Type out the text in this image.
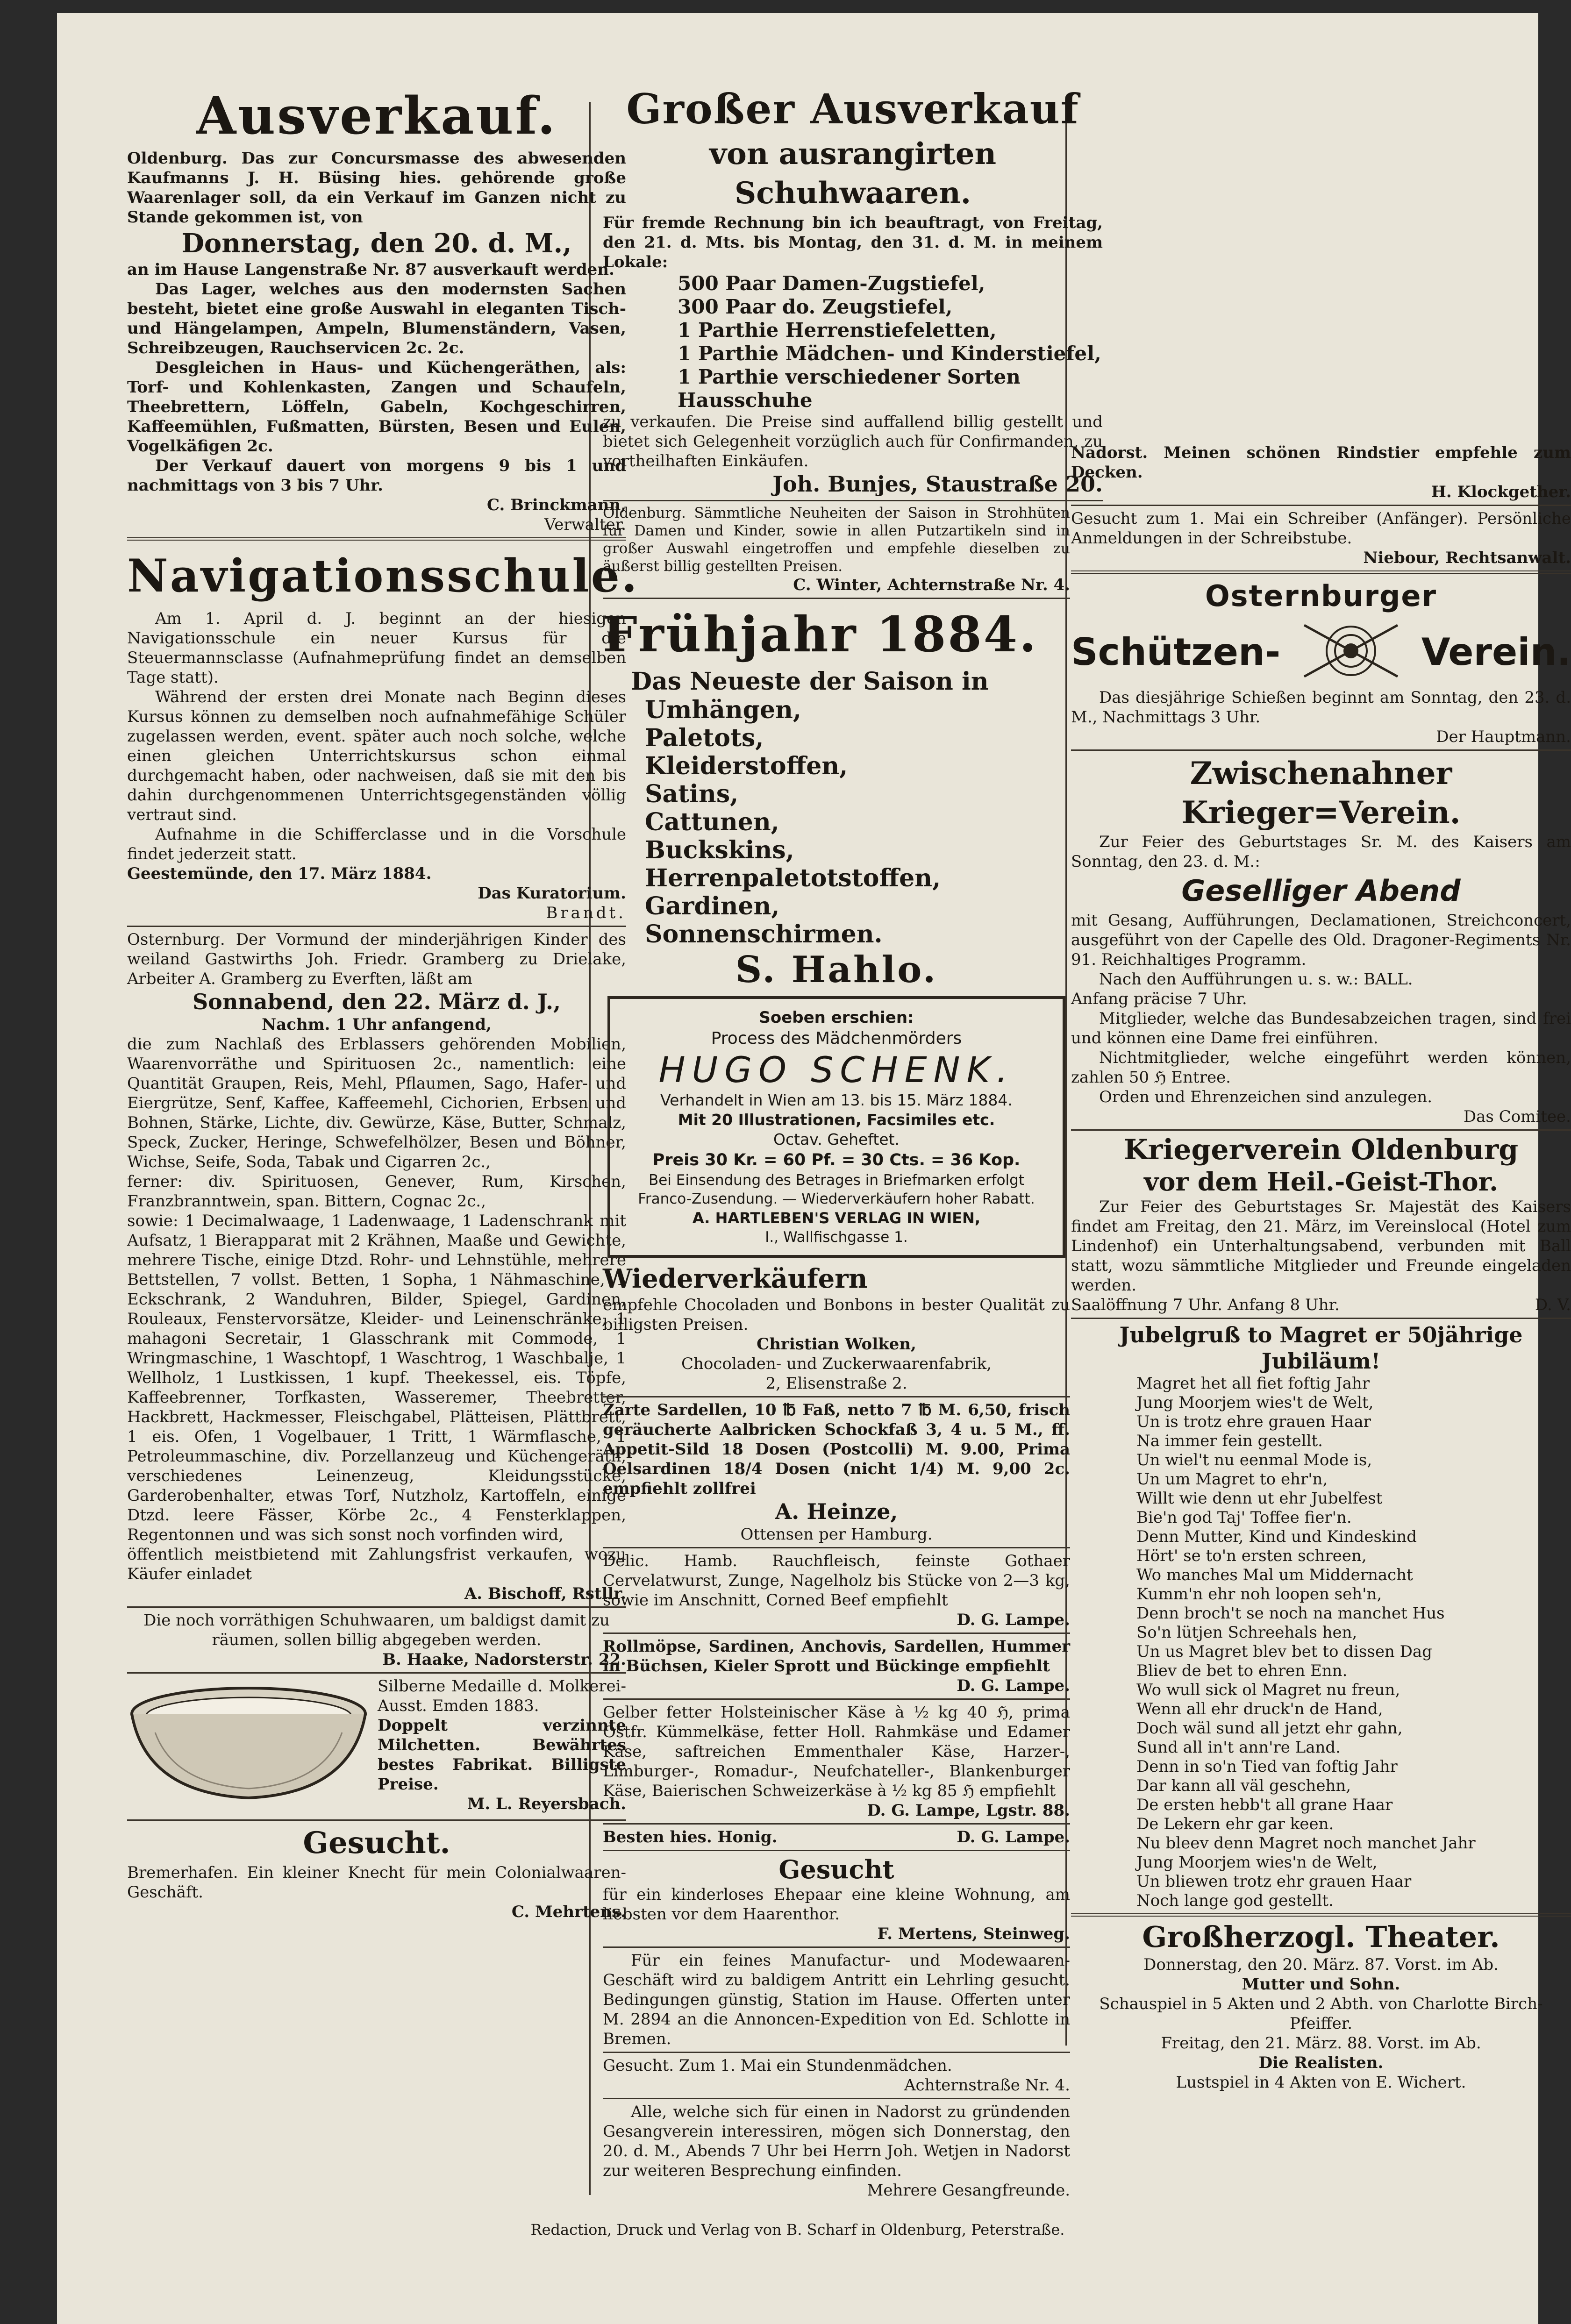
Ausverkauf.

Oldenburg. Das zur Concursmasse des abwesenden Kaufmanns J. H. Büsing hies. gehörende große Waarenlager soll, da ein Verkauf im Ganzen nicht zu Stande gekommen ist, von

Donnerstag, den 20. d. M.,

an im Hause Langenstraße Nr. 87 ausverkauft werden.

Das Lager, welches aus den modernsten Sachen besteht, bietet eine große Auswahl in eleganten Tisch- und Hängelampen, Ampeln, Blumenständern, Vasen, Schreibzeugen, Rauchservicen 2c. 2c.

Desgleichen in Haus- und Küchengeräthen, als: Torf- und Kohlenkasten, Zangen und Schaufeln, Theebrettern, Löffeln, Gabeln, Kochgeschirren, Kaffeemühlen, Fußmatten, Bürsten, Besen und Eulen, Vogelkäfigen 2c.

Der Verkauf dauert von morgens 9 bis 1 und nachmittags von 3 bis 7 Uhr.

C. Brinckmann,

Verwalter.

Navigationsschule.

Am 1. April d. J. beginnt an der hiesigen Navigationsschule ein neuer Kursus für die Steuermannsclasse (Aufnahmeprüfung findet an demselben Tage statt).

Während der ersten drei Monate nach Beginn dieses Kursus können zu demselben noch aufnahmefähige Schüler zugelassen werden, event. später auch noch solche, welche einen gleichen Unterrichtskursus schon einmal durchgemacht haben, oder nachweisen, daß sie mit den bis dahin durchgenommenen Unterrichtsgegenständen völlig vertraut sind.

Aufnahme in die Schifferclasse und in die Vorschule findet jederzeit statt.

Geestemünde, den 17. März 1884.

Das Kuratorium.

Brandt.

Osternburg. Der Vormund der minderjährigen Kinder des weiland Gastwirths Joh. Friedr. Gramberg zu Drielake, Arbeiter A. Gramberg zu Everften, läßt am

Sonnabend, den 22. März d. J.,

Nachm. 1 Uhr anfangend,

die zum Nachlaß des Erblassers gehörenden Mobilien, Waarenvorräthe und Spirituosen 2c., namentlich: eine Quantität Graupen, Reis, Mehl, Pflaumen, Sago, Hafer- und Eiergrütze, Senf, Kaffee, Kaffeemehl, Cichorien, Erbsen und Bohnen, Stärke, Lichte, div. Gewürze, Käse, Butter, Schmalz, Speck, Zucker, Heringe, Schwefelhölzer, Besen und Böhner, Wichse, Seife, Soda, Tabak und Cigarren 2c.,

ferner: div. Spirituosen, Genever, Rum, Kirschen, Franzbranntwein, span. Bittern, Cognac 2c.,

sowie: 1 Decimalwaage, 1 Ladenwaage, 1 Ladenschrank mit Aufsatz, 1 Bierapparat mit 2 Krähnen, Maaße und Gewichte, mehrere Tische, einige Dtzd. Rohr- und Lehnstühle, mehrere Bettstellen, 7 vollst. Betten, 1 Sopha, 1 Nähmaschine, 1 Eckschrank, 2 Wanduhren, Bilder, Spiegel, Gardinen, Rouleaux, Fenstervorsätze, Kleider- und Leinenschränke, 1 mahagoni Secretair, 1 Glasschrank mit Commode, 1 Wringmaschine, 1 Waschtopf, 1 Waschtrog, 1 Waschbalje, 1 Wellholz, 1 Lustkissen, 1 kupf. Theekessel, eis. Töpfe, Kaffeebrenner, Torfkasten, Wasseremer, Theebretter, Hackbrett, Hackmesser, Fleischgabel, Plätteisen, Plättbrett, 1 eis. Ofen, 1 Vogelbauer, 1 Tritt, 1 Wärmflasche, 1 Petroleummaschine, div. Porzellanzeug und Küchengeräth, verschiedenes Leinenzeug, Kleidungsstücke, Garderobenhalter, etwas Torf, Nutzholz, Kartoffeln, einige Dtzd. leere Fässer, Körbe 2c., 4 Fensterklappen, Regentonnen und was sich sonst noch vorfinden wird,

öffentlich meistbietend mit Zahlungsfrist verkaufen, wozu Käufer einladet

A. Bischoff, Rstllr.

Die noch vorräthigen Schuhwaaren, um baldigst damit zu räumen, sollen billig abgegeben werden.

B. Haake, Nadorsterstr. 22.

Silberne Medaille d. Molkerei-Ausst. Emden 1883.

Doppelt verzinnte Milchetten. Bewährtes bestes Fabrikat. Billigste Preise.

M. L. Reyersbach.

Gesucht.

Bremerhafen. Ein kleiner Knecht für mein Colonialwaaren-Geschäft.

C. Mehrtens.

Großer Ausverkauf

von ausrangirten Schuhwaaren.

Für fremde Rechnung bin ich beauftragt, von Freitag, den 21. d. Mts. bis Montag, den 31. d. M. in meinem Lokale:

500 Paar Damen-Zugstiefel,

300 Paar do. Zeugstiefel,

1 Parthie Herrenstiefeletten,

1 Parthie Mädchen- und Kinderstiefel,

1 Parthie verschiedener Sorten Hausschuhe

zu verkaufen. Die Preise sind auffallend billig gestellt und bietet sich Gelegenheit vorzüglich auch für Confirmanden, zu vortheilhaften Einkäufen.

Joh. Bunjes, Staustraße 20.

Oldenburg. Sämmtliche Neuheiten der Saison in Strohhüten für Damen und Kinder, sowie in allen Putzartikeln sind in großer Auswahl eingetroffen und empfehle dieselben zu äußerst billig gestellten Preisen.

C. Winter, Achternstraße Nr. 4.

Frühjahr 1884.

Das Neueste der Saison in

Umhängen,

Paletots,

Kleiderstoffen,

Satins,

Cattunen,

Buckskins,

Herrenpaletotstoffen,

Gardinen,

Sonnenschirmen.

S. Hahlo.

Soeben erschien:

Process des Mädchenmörders

HUGO SCHENK.

Verhandelt in Wien am 13. bis 15. März 1884.

Mit 20 Illustrationen, Facsimiles etc.

Octav. Geheftet.

Preis 30 Kr. = 60 Pf. = 30 Cts. = 36 Kop.

Bei Einsendung des Betrages in Briefmarken erfolgt Franco-Zusendung. — Wiederverkäufern hoher Rabatt.

A. HARTLEBEN'S VERLAG IN WIEN,

I., Wallfischgasse 1.

Wiederverkäufern

empfehle Chocoladen und Bonbons in bester Qualität zu billigsten Preisen.

Christian Wolken,

Chocoladen- und Zuckerwaarenfabrik,

2, Elisenstraße 2.

Zarte Sardellen, 10 ℔ Faß, netto 7 ℔ M. 6,50, frisch geräucherte Aalbricken Schockfaß 3, 4 u. 5 M., ff. Appetit-Sild 18 Dosen (Postcolli) M. 9.00, Prima Oelsardinen 18/4 Dosen (nicht 1/4) M. 9,00 2c. empfiehlt zollfrei

A. Heinze,

Ottensen per Hamburg.

Delic. Hamb. Rauchfleisch, feinste Gothaer Cervelatwurst, Zunge, Nagelholz bis Stücke von 2—3 kg, sowie im Anschnitt, Corned Beef empfiehlt

D. G. Lampe.

Rollmöpse, Sardinen, Anchovis, Sardellen, Hummer in Büchsen, Kieler Sprott und Bückinge empfiehlt

D. G. Lampe.

Gelber fetter Holsteinischer Käse à ½ kg 40 ℌ, prima Ostfr. Kümmelkäse, fetter Holl. Rahmkäse und Edamer Käse, saftreichen Emmenthaler Käse, Harzer-, Limburger-, Romadur-, Neufchateller-, Blankenburger Käse, Baierischen Schweizerkäse à ½ kg 85 ℌ empfiehlt

D. G. Lampe, Lgstr. 88.

Besten hies. Honig.	D. G. Lampe.

Gesucht

für ein kinderloses Ehepaar eine kleine Wohnung, am liebsten vor dem Haarenthor.

F. Mertens, Steinweg.

Für ein feines Manufactur- und Modewaaren-Geschäft wird zu baldigem Antritt ein Lehrling gesucht. Bedingungen günstig, Station im Hause. Offerten unter M. 2894 an die Annoncen-Expedition von Ed. Schlotte in Bremen.

Gesucht. Zum 1. Mai ein Stundenmädchen.

Achternstraße Nr. 4.

Alle, welche sich für einen in Nadorst zu gründenden Gesangverein interessiren, mögen sich Donnerstag, den 20. d. M., Abends 7 Uhr bei Herrn Joh. Wetjen in Nadorst zur weiteren Besprechung einfinden.

Mehrere Gesangfreunde.

Nadorst. Meinen schönen Rindstier empfehle zum Decken.

H. Klockgether.

Gesucht zum 1. Mai ein Schreiber (Anfänger). Persönliche Anmeldungen in der Schreibstube.

Niebour, Rechtsanwalt.

Osternburger

Schützen-	Verein.

Das diesjährige Schießen beginnt am Sonntag, den 23. d. M., Nachmittags 3 Uhr.

Der Hauptmann.

Zwischenahner Krieger=Verein.

Zur Feier des Geburtstages Sr. M. des Kaisers am Sonntag, den 23. d. M.:

Geselliger Abend

mit Gesang, Aufführungen, Declamationen, Streichconcert, ausgeführt von der Capelle des Old. Dragoner-Regiments Nr. 91. Reichhaltiges Programm.

Nach den Aufführungen u. s. w.: BALL.

Anfang präcise 7 Uhr.

Mitglieder, welche das Bundesabzeichen tragen, sind frei und können eine Dame frei einführen.

Nichtmitglieder, welche eingeführt werden können, zahlen 50 ℌ Entree.

Orden und Ehrenzeichen sind anzulegen.

Das Comitee.

Kriegerverein Oldenburg

vor dem Heil.-Geist-Thor.

Zur Feier des Geburtstages Sr. Majestät des Kaisers findet am Freitag, den 21. März, im Vereinslocal (Hotel zum Lindenhof) ein Unterhaltungsabend, verbunden mit Ball statt, wozu sämmtliche Mitglieder und Freunde eingeladen werden.

Saalöffnung 7 Uhr. Anfang 8 Uhr.	D. V.

Jubelgruß to Magret er 50jährige Jubiläum!

Magret het all fiet foftig Jahr

Jung Moorjem wies't de Welt,

Un is trotz ehre grauen Haar

Na immer fein gestellt.

Un wiel't nu eenmal Mode is,

Un um Magret to ehr'n,

Willt wie denn ut ehr Jubelfest

Bie'n god Taj' Toffee fier'n.

Denn Mutter, Kind und Kindeskind

Hört' se to'n ersten schreen,

Wo manches Mal um Middernacht

Kumm'n ehr noh loopen seh'n,

Denn broch't se noch na manchet Hus

So'n lütjen Schreehals hen,

Un us Magret blev bet to dissen Dag

Bliev de bet to ehren Enn.

Wo wull sick ol Magret nu freun,

Wenn all ehr druck'n de Hand,

Doch wäl sund all jetzt ehr gahn,

Sund all in't ann're Land.

Denn in so'n Tied van foftig Jahr

Dar kann all väl geschehn,

De ersten hebb't all grane Haar

De Lekern ehr gar keen.

Nu bleev denn Magret noch manchet Jahr

Jung Moorjem wies'n de Welt,

Un bliewen trotz ehr grauen Haar

Noch lange god gestellt.

Großherzogl. Theater.

Donnerstag, den 20. März. 87. Vorst. im Ab.

Mutter und Sohn.

Schauspiel in 5 Akten und 2 Abth. von Charlotte Birch-Pfeiffer.

Freitag, den 21. März. 88. Vorst. im Ab.

Die Realisten.

Lustspiel in 4 Akten von E. Wichert.

Redaction, Druck und Verlag von B. Scharf in Oldenburg, Peterstraße.
